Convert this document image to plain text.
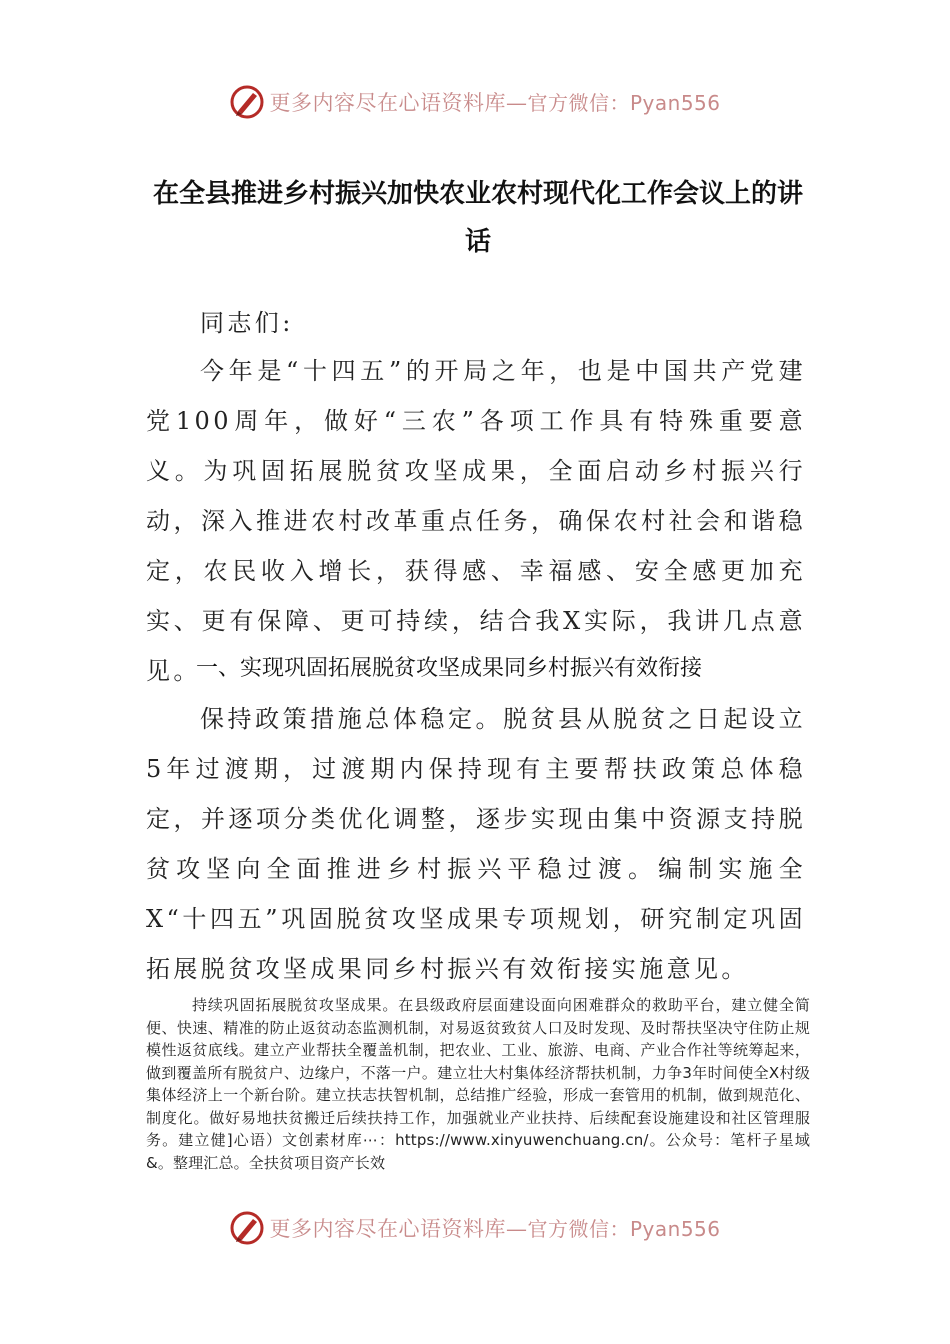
更多内容尽在心语资料库—官方微信：Pyan556
在全县推进乡村振兴加快农业农村现代化工作会议上的讲话
同志们:
今年是“十四五”的开局之年，也是中国共产党建党100周年，做好“三农”各项工作具有特殊重要意义。为巩固拓展脱贫攻坚成果，全面启动乡村振兴行动，深入推进农村改革重点任务，确保农村社会和谐稳定，农民收入增长，获得感、幸福感、安全感更加充实、更有保障、更可持续，结合我X实际，我讲几点意见。
一、实现巩固拓展脱贫攻坚成果同乡村振兴有效衔接
保持政策措施总体稳定。脱贫县从脱贫之日起设立5年过渡期，过渡期内保持现有主要帮扶政策总体稳定，并逐项分类优化调整，逐步实现由集中资源支持脱贫攻坚向全面推进乡村振兴平稳过渡。编制实施全X“十四五”巩固脱贫攻坚成果专项规划，研究制定巩固拓展脱贫攻坚成果同乡村振兴有效衔接实施意见。
持续巩固拓展脱贫攻坚成果。在县级政府层面建设面向困难群众的救助平台，建立健全简便、快速、精准的防止返贫动态监测机制，对易返贫致贫人口及时发现、及时帮扶坚决守住防止规模性返贫底线。建立产业帮扶全覆盖机制，把农业、工业、旅游、电商、产业合作社等统筹起来，做到覆盖所有脱贫户、边缘户，不落一户。建立壮大村集体经济帮扶机制，力争3年时间使全X村级集体经济上一个新台阶。建立扶志扶智机制，总结推广经验，形成一套管用的机制，做到规范化、制度化。做好易地扶贫搬迁后续扶持工作，加强就业产业扶持、后续配套设施建设和社区管理服务。建立健]心语）文创素材库⋯：https://www.xinyuwenchuang.cn/。公众号：笔杆子星域&。整理汇总。全扶贫项目资产长效
更多内容尽在心语资料库—官方微信：Pyan556
